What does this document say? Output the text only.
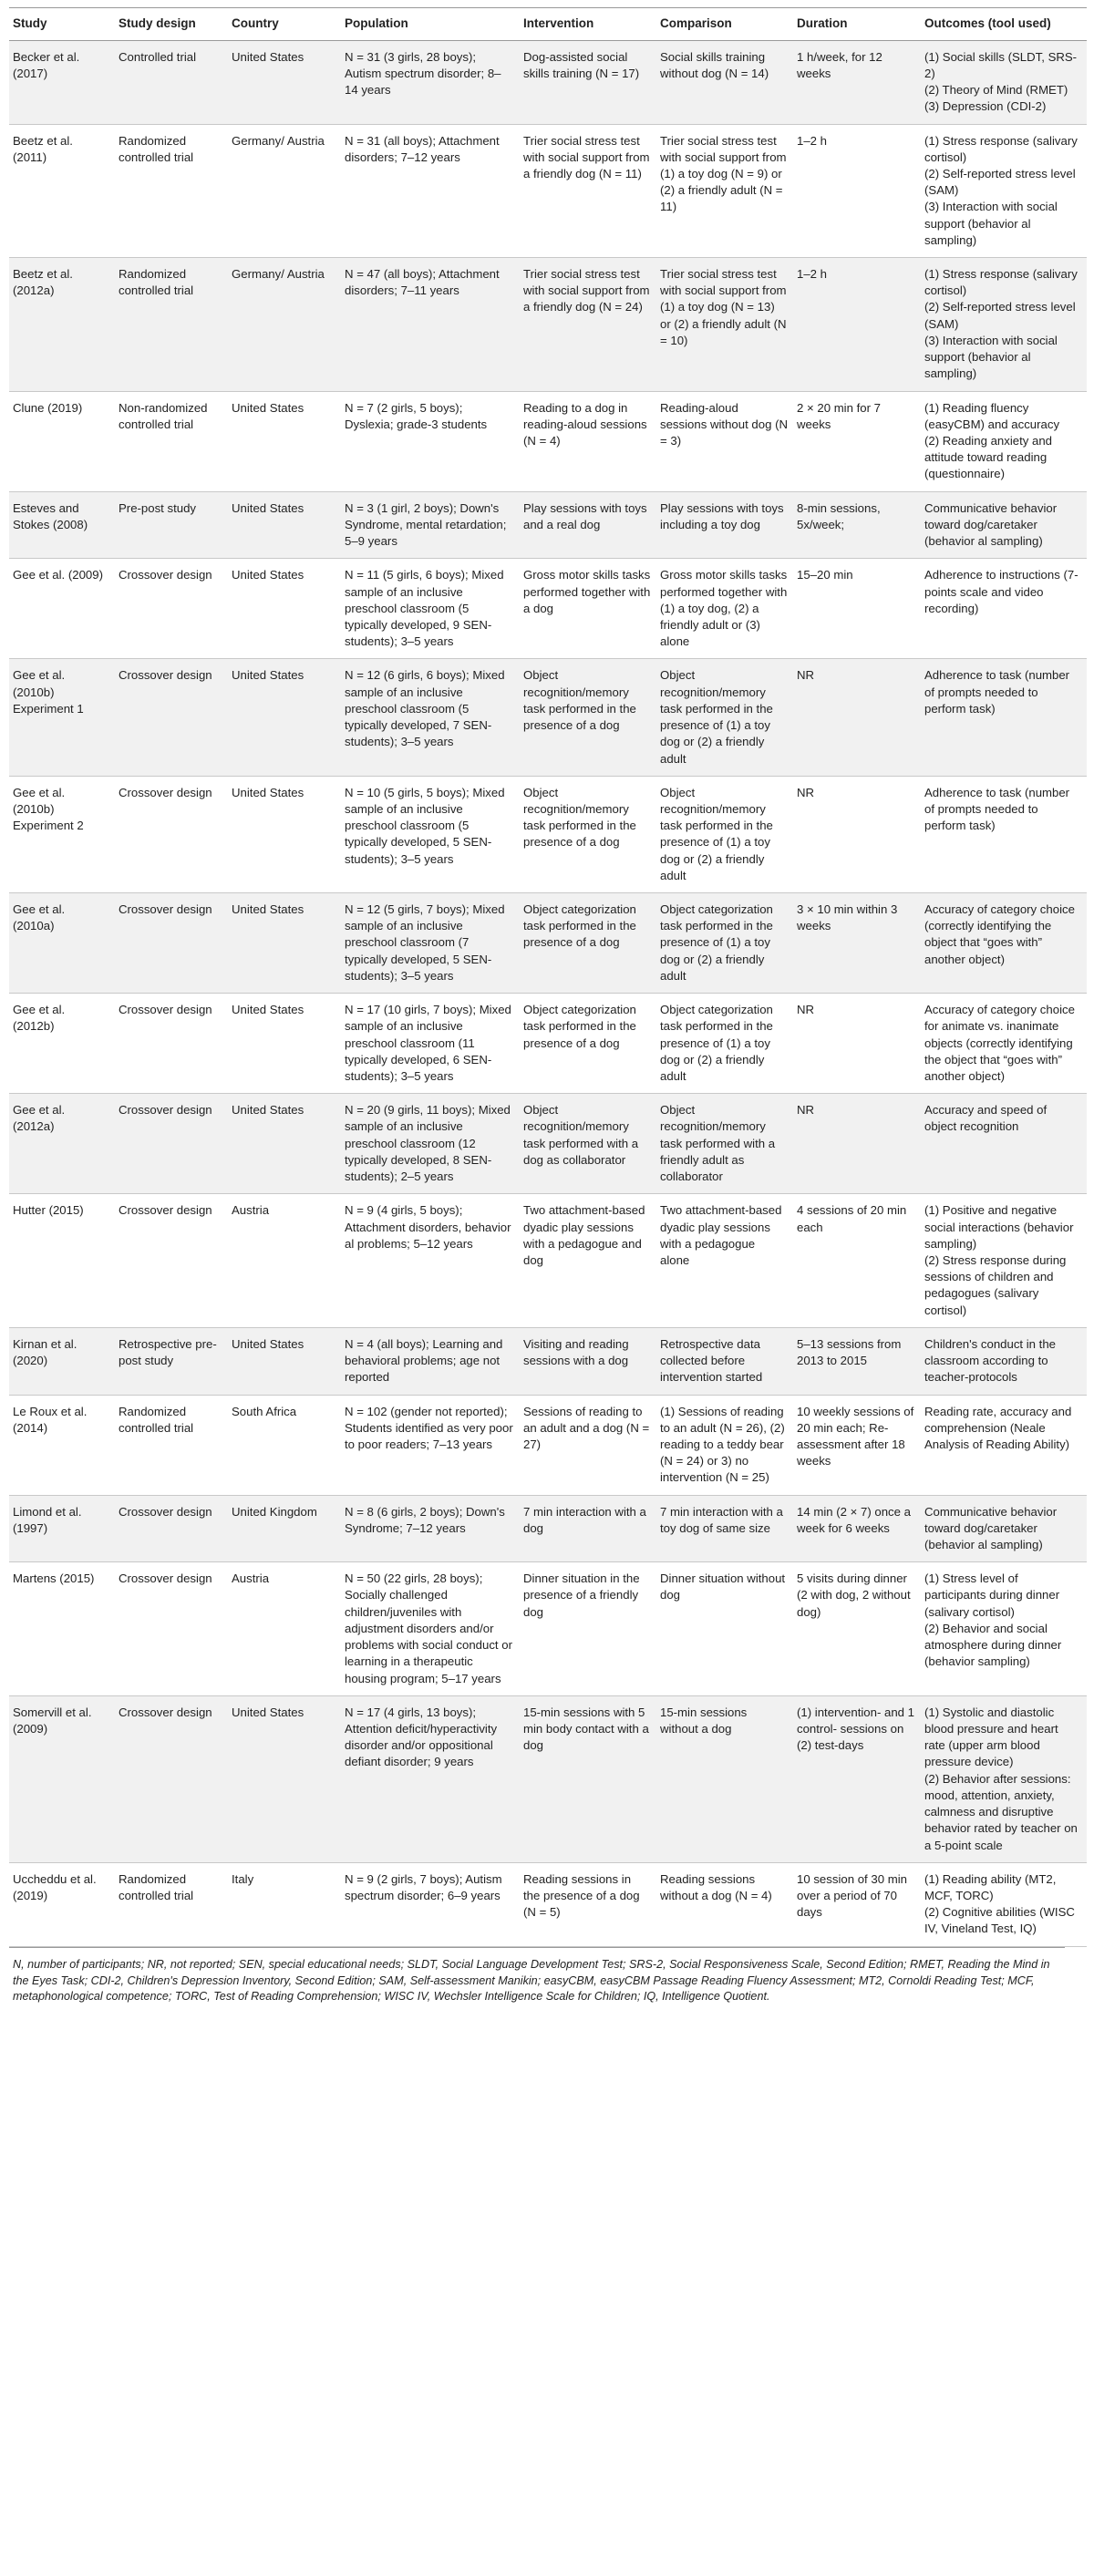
Study	Study design	Country	Population	Intervention	Comparison	Duration	Outcomes (tool used)
Becker et al. (2017)	Controlled trial	United States	N = 31 (3 girls, 28 boys); Autism spectrum disorder; 8–14 years	Dog-assisted social skills training (N = 17)	Social skills training without dog (N = 14)	1 h/week, for 12 weeks	(1) Social skills (SLDT, SRS-2)
(2) Theory of Mind (RMET)
(3) Depression (CDI-2)
Beetz et al. (2011)	Randomized controlled trial	Germany/ Austria	N = 31 (all boys); Attachment disorders; 7–12 years	Trier social stress test with social support from a friendly dog (N = 11)	Trier social stress test with social support from (1) a toy dog (N = 9) or (2) a friendly adult (N = 11)	1–2 h	(1) Stress response (salivary cortisol)
(2) Self-reported stress level (SAM)
(3) Interaction with social support (behavior al sampling)
Beetz et al. (2012a)	Randomized controlled trial	Germany/ Austria	N = 47 (all boys); Attachment disorders; 7–11 years	Trier social stress test with social support from a friendly dog (N = 24)	Trier social stress test with social support from (1) a toy dog (N = 13) or (2) a friendly adult (N = 10)	1–2 h	(1) Stress response (salivary cortisol)
(2) Self-reported stress level (SAM)
(3) Interaction with social support (behavior al sampling)
Clune (2019)	Non-randomized controlled trial	United States	N = 7 (2 girls, 5 boys); Dyslexia; grade-3 students	Reading to a dog in reading-aloud sessions (N = 4)	Reading-aloud sessions without dog (N = 3)	2 × 20 min for 7 weeks	(1) Reading fluency (easyCBM) and accuracy
(2) Reading anxiety and attitude toward reading (questionnaire)
Esteves and Stokes (2008)	Pre-post study	United States	N = 3 (1 girl, 2 boys); Down's Syndrome, mental retardation; 5–9 years	Play sessions with toys and a real dog	Play sessions with toys including a toy dog	8-min sessions, 5x/week;	Communicative behavior toward dog/caretaker (behavior al sampling)
Gee et al. (2009)	Crossover design	United States	N = 11 (5 girls, 6 boys); Mixed sample of an inclusive preschool classroom (5 typically developed, 9 SEN-students); 3–5 years	Gross motor skills tasks performed together with a dog	Gross motor skills tasks performed together with (1) a toy dog, (2) a friendly adult or (3) alone	15–20 min	Adherence to instructions (7-points scale and video recording)
Gee et al. (2010b) Experiment 1	Crossover design	United States	N = 12 (6 girls, 6 boys); Mixed sample of an inclusive preschool classroom (5 typically developed, 7 SEN-students); 3–5 years	Object recognition/memory task performed in the presence of a dog	Object recognition/memory task performed in the presence of (1) a toy dog or (2) a friendly adult	NR	Adherence to task (number of prompts needed to perform task)
Gee et al. (2010b) Experiment 2	Crossover design	United States	N = 10 (5 girls, 5 boys); Mixed sample of an inclusive preschool classroom (5 typically developed, 5 SEN-students); 3–5 years	Object recognition/memory task performed in the presence of a dog	Object recognition/memory task performed in the presence of (1) a toy dog or (2) a friendly adult	NR	Adherence to task (number of prompts needed to perform task)
Gee et al. (2010a)	Crossover design	United States	N = 12 (5 girls, 7 boys); Mixed sample of an inclusive preschool classroom (7 typically developed, 5 SEN-students); 3–5 years	Object categorization task performed in the presence of a dog	Object categorization task performed in the presence of (1) a toy dog or (2) a friendly adult	3 × 10 min within 3 weeks	Accuracy of category choice (correctly identifying the object that “goes with” another object)
Gee et al. (2012b)	Crossover design	United States	N = 17 (10 girls, 7 boys); Mixed sample of an inclusive preschool classroom (11 typically developed, 6 SEN-students); 3–5 years	Object categorization task performed in the presence of a dog	Object categorization task performed in the presence of (1) a toy dog or (2) a friendly adult	NR	Accuracy of category choice for animate vs. inanimate objects (correctly identifying the object that “goes with” another object)
Gee et al. (2012a)	Crossover design	United States	N = 20 (9 girls, 11 boys); Mixed sample of an inclusive preschool classroom (12 typically developed, 8 SEN-students); 2–5 years	Object recognition/memory task performed with a dog as collaborator	Object recognition/memory task performed with a friendly adult as collaborator	NR	Accuracy and speed of object recognition
Hutter (2015)	Crossover design	Austria	N = 9 (4 girls, 5 boys); Attachment disorders, behavior al problems; 5–12 years	Two attachment-based dyadic play sessions with a pedagogue and dog	Two attachment-based dyadic play sessions with a pedagogue alone	4 sessions of 20 min each	(1) Positive and negative social interactions (behavior sampling)
(2) Stress response during sessions of children and pedagogues (salivary cortisol)
Kirnan et al. (2020)	Retrospective pre-post study	United States	N = 4 (all boys); Learning and behavioral problems; age not reported	Visiting and reading sessions with a dog	Retrospective data collected before intervention started	5–13 sessions from 2013 to 2015	Children's conduct in the classroom according to teacher-protocols
Le Roux et al. (2014)	Randomized controlled trial	South Africa	N = 102 (gender not reported); Students identified as very poor to poor readers; 7–13 years	Sessions of reading to an adult and a dog (N = 27)	(1) Sessions of reading to an adult (N = 26), (2) reading to a teddy bear (N = 24) or 3) no intervention (N = 25)	10 weekly sessions of 20 min each; Re-assessment after 18 weeks	Reading rate, accuracy and comprehension (Neale Analysis of Reading Ability)
Limond et al. (1997)	Crossover design	United Kingdom	N = 8 (6 girls, 2 boys); Down's Syndrome; 7–12 years	7 min interaction with a dog	7 min interaction with a toy dog of same size	14 min (2 × 7) once a week for 6 weeks	Communicative behavior toward dog/caretaker (behavior al sampling)
Martens (2015)	Crossover design	Austria	N = 50 (22 girls, 28 boys); Socially challenged children/juveniles with adjustment disorders and/or problems with social conduct or learning in a therapeutic housing program; 5–17 years	Dinner situation in the presence of a friendly dog	Dinner situation without dog	5 visits during dinner (2 with dog, 2 without dog)	(1) Stress level of participants during dinner (salivary cortisol)
(2) Behavior and social atmosphere during dinner (behavior sampling)
Somervill et al. (2009)	Crossover design	United States	N = 17 (4 girls, 13 boys); Attention deficit/hyperactivity disorder and/or oppositional defiant disorder; 9 years	15-min sessions with 5 min body contact with a dog	15-min sessions without a dog	(1) intervention- and 1 control- sessions on (2) test-days	(1) Systolic and diastolic blood pressure and heart rate (upper arm blood pressure device)
(2) Behavior after sessions: mood, attention, anxiety, calmness and disruptive behavior rated by teacher on a 5-point scale
Uccheddu et al. (2019)	Randomized controlled trial	Italy	N = 9 (2 girls, 7 boys); Autism spectrum disorder; 6–9 years	Reading sessions in the presence of a dog (N = 5)	Reading sessions without a dog (N = 4)	10 session of 30 min over a period of 70 days	(1) Reading ability (MT2, MCF, TORC)
(2) Cognitive abilities (WISC IV, Vineland Test, IQ)
N, number of participants; NR, not reported; SEN, special educational needs; SLDT, Social Language Development Test; SRS-2, Social Responsiveness Scale, Second Edition; RMET, Reading the Mind in the Eyes Task; CDI-2, Children's Depression Inventory, Second Edition; SAM, Self-assessment Manikin; easyCBM, easyCBM Passage Reading Fluency Assessment; MT2, Cornoldi Reading Test; MCF, metaphonological competence; TORC, Test of Reading Comprehension; WISC IV, Wechsler Intelligence Scale for Children; IQ, Intelligence Quotient.
